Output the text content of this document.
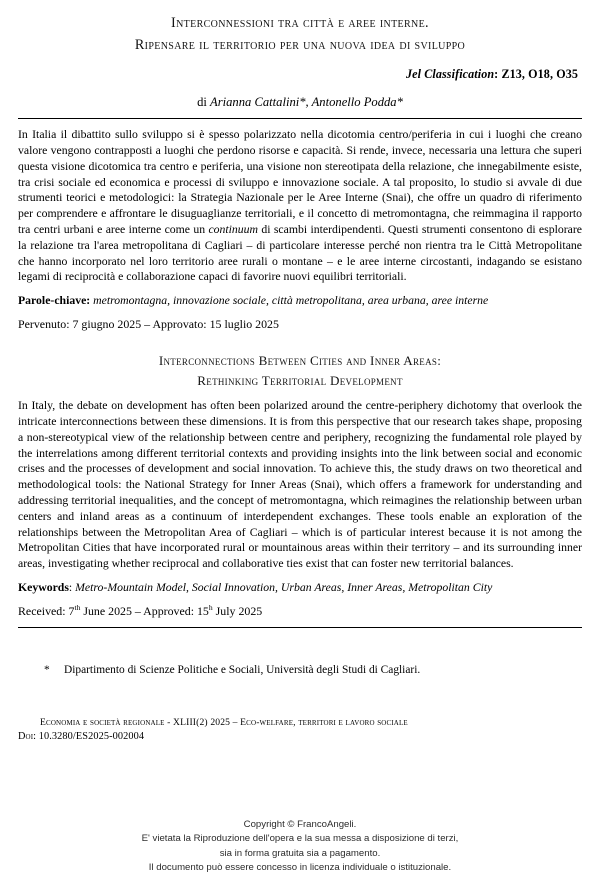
Interconnessioni tra città e aree interne.
Ripensare il territorio per una nuova idea di sviluppo
Jel Classification: Z13, O18, O35
di Arianna Cattalini*, Antonello Podda*
In Italia il dibattito sullo sviluppo si è spesso polarizzato nella dicotomia centro/periferia in cui i luoghi che creano valore vengono contrapposti a luoghi che perdono risorse e capacità. Si rende, invece, necessaria una lettura che superi questa visione dicotomica tra centro e periferia, una visione non stereotipata della relazione, che innegabilmente esiste, tra crisi sociale ed economica e processi di sviluppo e innovazione sociale. A tal proposito, lo studio si avvale di due strumenti teorici e metodologici: la Strategia Nazionale per le Aree Interne (Snai), che offre un quadro di riferimento per comprendere e affrontare le disuguaglianze territoriali, e il concetto di metromontagna, che reimmagina il rapporto tra centri urbani e aree interne come un continuum di scambi interdipendenti. Questi strumenti consentono di esplorare la relazione tra l'area metropolitana di Cagliari – di particolare interesse perché non rientra tra le Città Metropolitane che hanno incorporato nel loro territorio aree rurali o montane – e le aree interne circostanti, indagando se esistano legami di reciprocità e collaborazione capaci di favorire nuovi equilibri territoriali.
Parole-chiave: metromontagna, innovazione sociale, città metropolitana, area urbana, aree interne
Pervenuto: 7 giugno 2025 – Approvato: 15 luglio 2025
Interconnections Between Cities and Inner Areas:
Rethinking Territorial Development
In Italy, the debate on development has often been polarized around the centre-periphery dichotomy that overlook the intricate interconnections between these dimensions. It is from this perspective that our research takes shape, proposing a non-stereotypical view of the relationship between centre and periphery, recognizing the fundamental role played by the interrelations among different territorial contexts and providing insights into the link between social and economic crises and the processes of development and social innovation. To achieve this, the study draws on two theoretical and methodological tools: the National Strategy for Inner Areas (Snai), which offers a framework for understanding and addressing territorial inequalities, and the concept of metromontagna, which reimagines the relationship between urban centers and inland areas as a continuum of interdependent exchanges. These tools enable an exploration of the relationships between the Metropolitan Area of Cagliari – which is of particular interest because it is not among the Metropolitan Cities that have incorporated rural or mountainous areas within their territory – and its surrounding inner areas, investigating whether reciprocal and collaborative ties exist that can foster new territorial balances.
Keywords: Metro-Mountain Model, Social Innovation, Urban Areas, Inner Areas, Metropolitan City
Received: 7th June 2025 – Approved: 15$^h$ July 2025
* Dipartimento di Scienze Politiche e Sociali, Università degli Studi di Cagliari.
Economia e società regionale - XLIII(2) 2025 – Eco-welfare, territori e lavoro sociale
Doi: 10.3280/ES2025-002004
Copyright © FrancoAngeli.
E' vietata la Riproduzione dell'opera e la sua messa a disposizione di terzi,
sia in forma gratuita sia a pagamento.
Il documento può essere concesso in licenza individuale o istituzionale.
